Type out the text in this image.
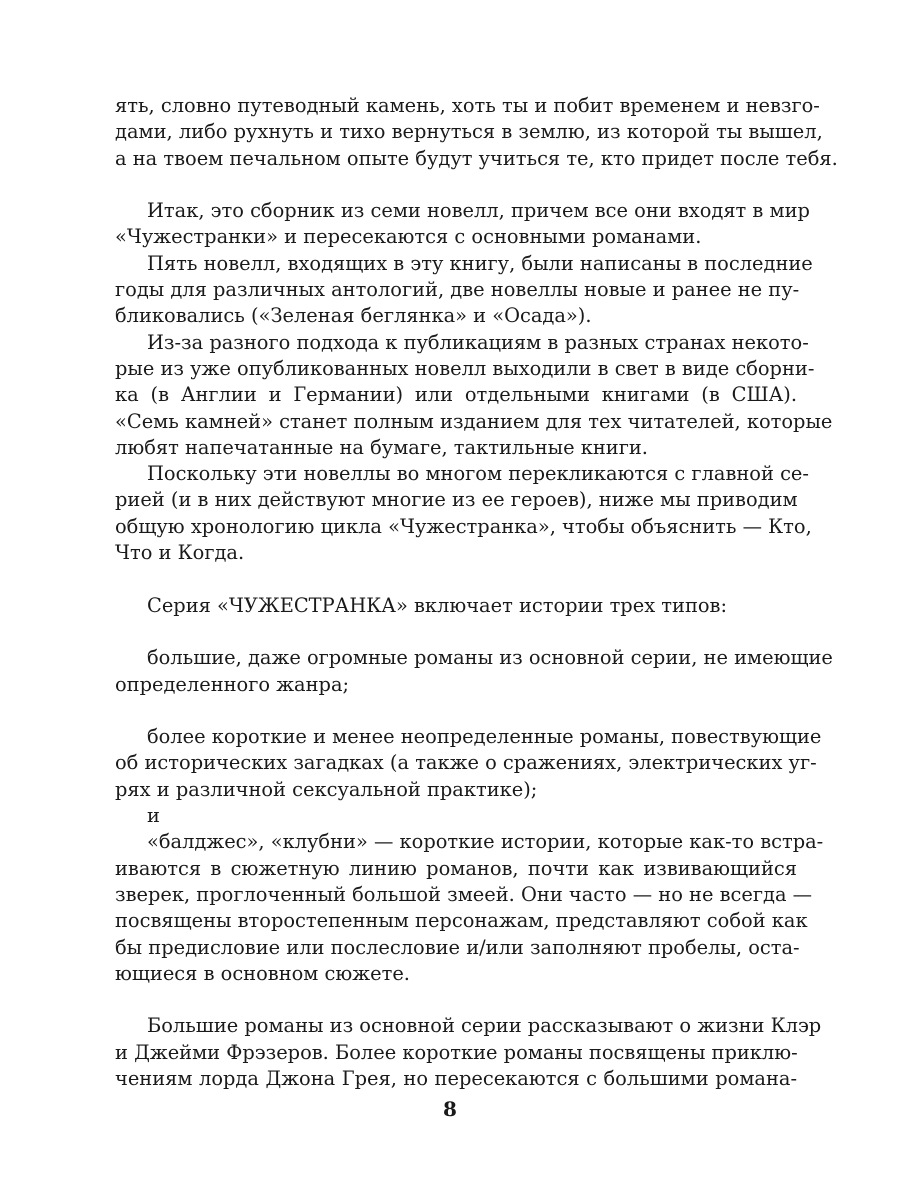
ять, словно путеводный камень, хоть ты и побит временем и невзго-
дами, либо рухнуть и тихо вернуться в землю, из которой ты вышел,
а на твоем печальном опыте будут учиться те, кто придет после тебя.
Итак, это сборник из семи новелл, причем все они входят в мир
«Чужестранки» и пересекаются с основными романами.
Пять новелл, входящих в эту книгу, были написаны в последние
годы для различных антологий, две новеллы новые и ранее не пу-
бликовались («Зеленая беглянка» и «Осада»).
Из-за разного подхода к публикациям в разных странах некото-
рые из уже опубликованных новелл выходили в свет в виде сборни-
ка (в Англии и Германии) или отдельными книгами (в США).
«Семь камней» станет полным изданием для тех читателей, которые
любят напечатанные на бумаге, тактильные книги.
Поскольку эти новеллы во многом перекликаются с главной се-
рией (и в них действуют многие из ее героев), ниже мы приводим
общую хронологию цикла «Чужестранка», чтобы объяснить — Кто,
Что и Когда.
Серия «ЧУЖЕСТРАНКА» включает истории трех типов:
большие, даже огромные романы из основной серии, не имеющие
определенного жанра;
более короткие и менее неопределенные романы, повествующие
об исторических загадках (а также о сражениях, электрических уг-
рях и различной сексуальной практике);
и
«балджес», «клубни» — короткие истории, которые как-то встра-
иваются в сюжетную линию романов, почти как извивающийся
зверек, проглоченный большой змеей. Они часто — но не всегда —
посвящены второстепенным персонажам, представляют собой как
бы предисловие или послесловие и/или заполняют пробелы, оста-
ющиеся в основном сюжете.
Большие романы из основной серии рассказывают о жизни Клэр
и Джейми Фрэзеров. Более короткие романы посвящены приклю-
чениям лорда Джона Грея, но пересекаются с большими романа-
8
